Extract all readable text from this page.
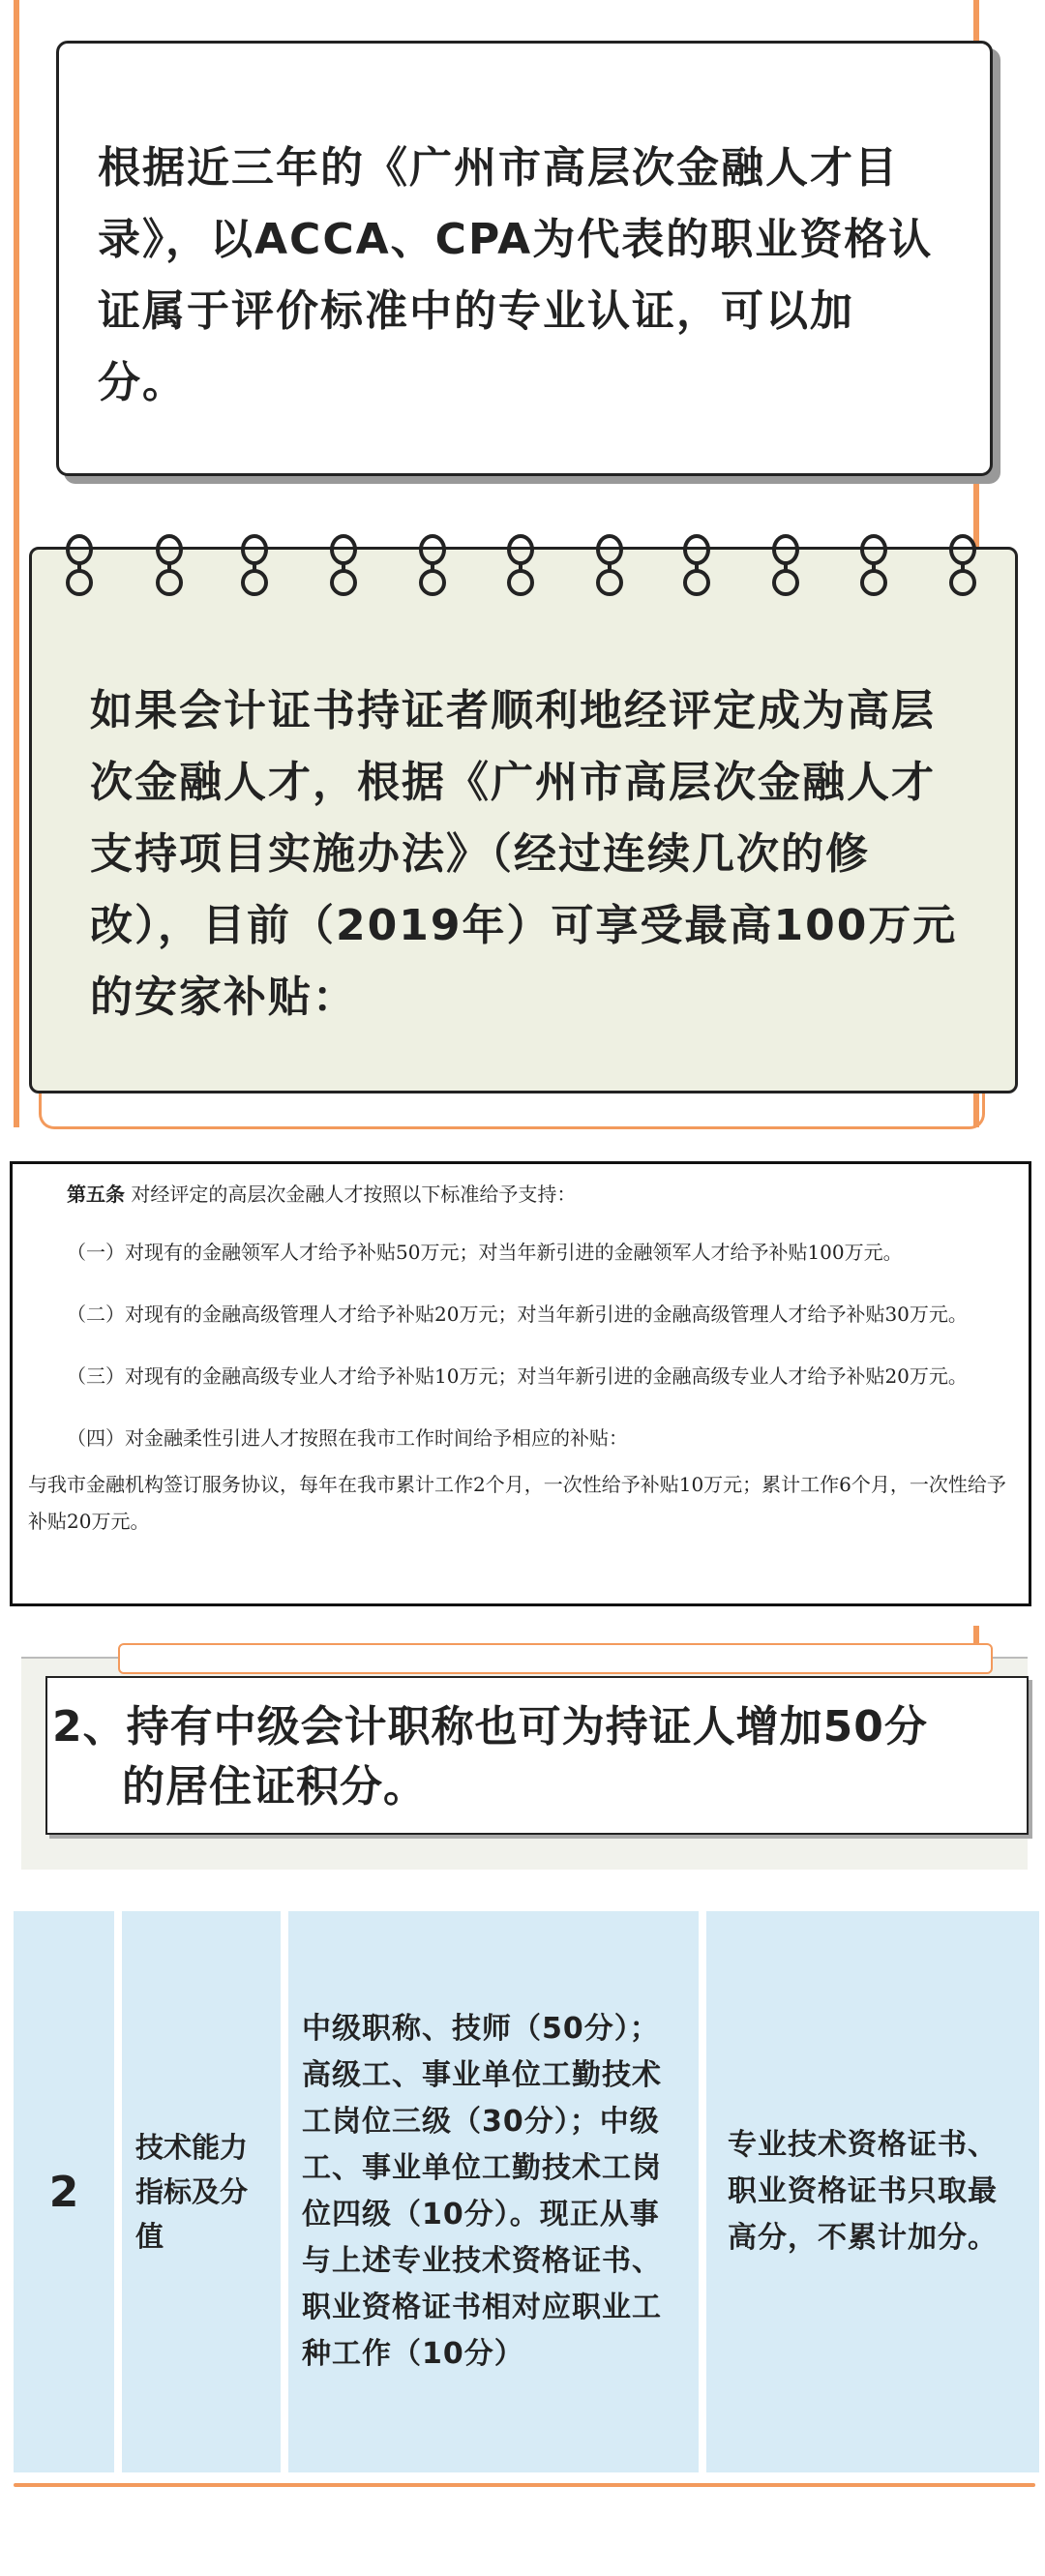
根据近三年的《广州市高层次金融人才目录》，以ACCA、CPA为代表的职业资格认证属于评价标准中的专业认证，可以加分。

如果会计证书持证者顺利地经评定成为高层次金融人才，根据《广州市高层次金融人才支持项目实施办法》（经过连续几次的修改），目前（2019年）可享受最高100万元的安家补贴：

第五条 对经评定的高层次金融人才按照以下标准给予支持：

（一）对现有的金融领军人才给予补贴50万元；对当年新引进的金融领军人才给予补贴100万元。

（二）对现有的金融高级管理人才给予补贴20万元；对当年新引进的金融高级管理人才给予补贴30万元。

（三）对现有的金融高级专业人才给予补贴10万元；对当年新引进的金融高级专业人才给予补贴20万元。

（四）对金融柔性引进人才按照在我市工作时间给予相应的补贴：

与我市金融机构签订服务协议，每年在我市累计工作2个月，一次性给予补贴10万元；累计工作6个月，一次性给予补贴20万元。

2、持有中级会计职称也可为持证人增加50分
的居住证积分。

2
技术能力指标及分值
中级职称、技师（50分）；高级工、事业单位工勤技术工岗位三级（30分）；中级工、事业单位工勤技术工岗位四级（10分）。现正从事与上述专业技术资格证书、职业资格证书相对应职业工种工作（10分）
专业技术资格证书、职业资格证书只取最高分，不累计加分。
